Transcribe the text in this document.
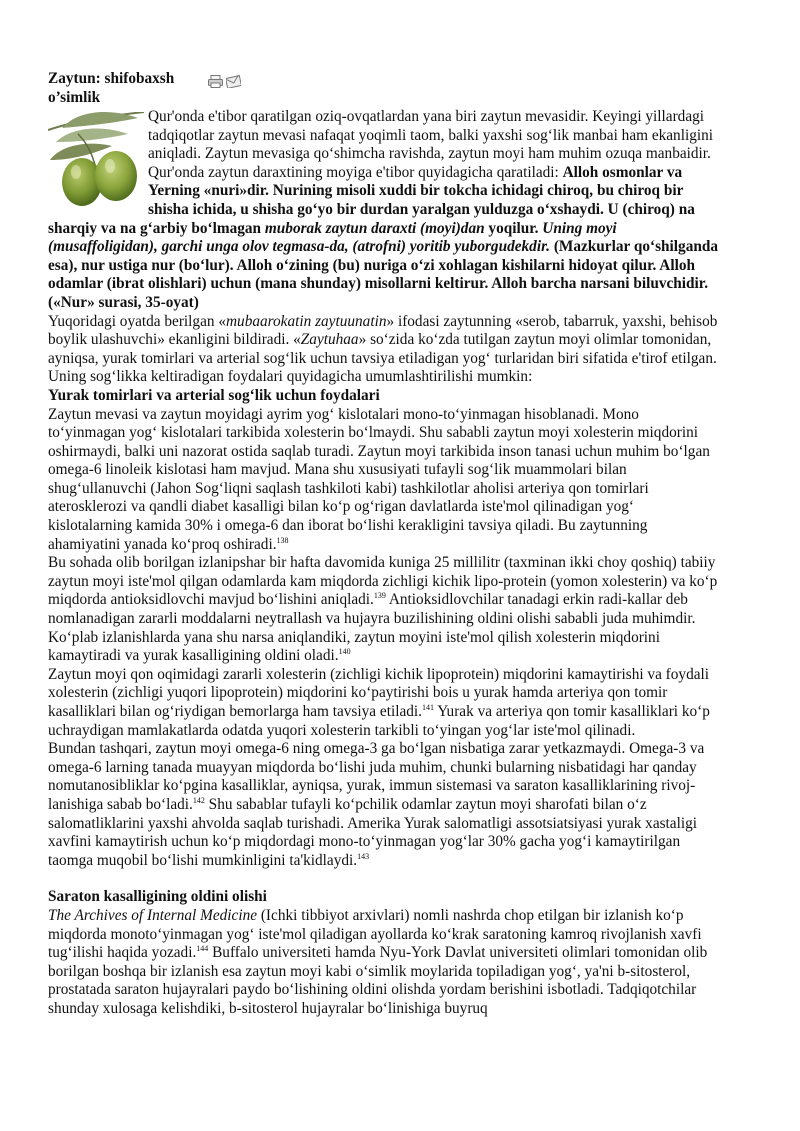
Zaytun: shifobaxsh o’simlik

Qur'onda e'tibor qaratilgan oziq-ovqatlardan yana biri zaytun mevasidir. Keyingi yillardagi tadqiqotlar zaytun mevasi nafaqat yoqimli taom, balki yaxshi sog‘lik manbai ham ekanligini aniqladi. Zaytun mevasiga qo‘shimcha ravishda, zaytun moyi ham muhim ozuqa manbaidir. Qur'onda zaytun daraxtining moyiga e'tibor quyidagicha qaratiladi: Alloh osmonlar va Yerning «nuri»dir. Nurining misoli xuddi bir tokcha ichidagi chiroq, bu chiroq bir shisha ichida, u shisha go‘yo bir durdan yaralgan yulduzga o‘xshaydi. U (chiroq) na sharqiy va na g‘arbiy bo‘lmagan muborak zaytun daraxti (moyi)dan yoqilur. Uning moyi (musaffoligidan), garchi unga olov tegmasa-da, (atrofni) yoritib yuborgudekdir. (Mazkurlar qo‘shilganda esa), nur ustiga nur (bo‘lur). Alloh o‘zining (bu) nuriga o‘zi xohlagan kishilarni hidoyat qilur. Alloh odamlar (ibrat olishlari) uchun (mana shunday) misollarni keltirur. Alloh barcha narsani biluvchidir. («Nur» surasi, 35-oyat)

Yuqoridagi oyatda berilgan «mubaarokatin zaytuunatin» ifodasi zaytunning «serob, tabarruk, yaxshi, behisob boylik ulashuvchi» ekanligini bildiradi. «Zaytuhaa» so‘zida ko‘zda tutilgan zaytun moyi olimlar tomonidan, ayniqsa, yurak tomirlari va arterial sog‘lik uchun tavsiya etiladigan yog‘ turlaridan biri sifatida e'tirof etilgan. Uning sog‘likka keltiradigan foydalari quyidagicha umumlashtirilishi mumkin:

Yurak tomirlari va arterial sog‘lik uchun foydalari

Zaytun mevasi va zaytun moyidagi ayrim yog‘ kislotalari mono-to‘yinmagan hisoblanadi. Mono to‘yinmagan yog‘ kislotalari tarkibida xolesterin bo‘lmaydi. Shu sababli zaytun moyi xolesterin miqdorini oshirmaydi, balki uni nazorat ostida saqlab turadi. Zaytun moyi tarkibida inson tanasi uchun muhim bo‘lgan omega-6 linoleik kislotasi ham mavjud. Mana shu xususiyati tufayli sog‘lik muammolari bilan shug‘ullanuvchi (Jahon Sog‘liqni saqlash tashkiloti kabi) tashkilotlar aholisi arteriya qon tomirlari aterosklerozi va qandli diabet kasalligi bilan ko‘p og‘rigan davlatlarda iste'mol qilinadigan yog‘ kislotalarning kamida 30% i omega-6 dan iborat bo‘lishi kerakligini tavsiya qiladi. Bu zaytunning ahamiyatini yanada ko‘proq oshiradi.$^{138}$

Bu sohada olib borilgan izlanipshar bir hafta davomida kuniga 25 millilitr (taxminan ikki choy qoshiq) tabiiy zaytun moyi iste'mol qilgan odamlarda kam miqdorda zichligi kichik lipo-protein (yomon xolesterin) va ko‘p miqdorda antioksidlovchi mavjud bo‘lishini aniqladi.$^{139}$ Antioksidlovchilar tanadagi erkin radi-kallar deb nomlanadigan zararli moddalarni neytrallash va hujayra buzilishining oldini olishi sababli juda muhimdir. Ko‘plab izlanishlarda yana shu narsa aniqlandiki, zaytun moyini iste'mol qilish xolesterin miqdorini kamaytiradi va yurak kasalligining oldini oladi.$^{140}$

Zaytun moyi qon oqimidagi zararli xolesterin (zichligi kichik lipoprotein) miqdorini kamaytirishi va foydali xolesterin (zichligi yuqori lipoprotein) miqdorini ko‘paytirishi bois u yurak hamda arteriya qon tomir kasalliklari bilan og‘riydigan bemorlarga ham tavsiya etiladi.$^{141}$ Yurak va arteriya qon tomir kasalliklari ko‘p uchraydigan mamlakatlarda odatda yuqori xolesterin tarkibli to‘yingan yog‘lar iste'mol qilinadi.

Bundan tashqari, zaytun moyi omega-6 ning omega-3 ga bo‘lgan nisbatiga zarar yetkazmaydi. Omega-3 va omega-6 larning tanada muayyan miqdorda bo‘lishi juda muhim, chunki bularning nisbatidagi har qanday nomutanosibliklar ko‘pgina kasalliklar, ayniqsa, yurak, immun sistemasi va saraton kasalliklarining rivoj-lanishiga sabab bo‘ladi.$^{142}$ Shu sabablar tufayli ko‘pchilik odamlar zaytun moyi sharofati bilan o‘z salomatliklarini yaxshi ahvolda saqlab turishadi. Amerika Yurak salomatligi assotsiatsiyasi yurak xastaligi xavfini kamaytirish uchun ko‘p miqdordagi mono-to‘yinmagan yog‘lar 30% gacha yog‘i kamaytirilgan taomga muqobil bo‘lishi mumkinligini ta'kidlaydi.$^{143}$

Saraton kasalligining oldini olishi

The Archives of Internal Medicine (Ichki tibbiyot arxivlari) nomli nashrda chop etilgan bir izlanish ko‘p miqdorda monoto‘yinmagan yog‘ iste'mol qiladigan ayollarda ko‘krak saratoning kamroq rivojlanish xavfi tug‘ilishi haqida yozadi.$^{144}$ Buffalo universiteti hamda Nyu-York Davlat universiteti olimlari tomonidan olib borilgan boshqa bir izlanish esa zaytun moyi kabi o‘simlik moylarida topiladigan yog‘, ya'ni b-sitosterol, prostatada saraton hujayralari paydo bo‘lishining oldini olishda yordam berishini isbotladi. Tadqiqotchilar shunday xulosaga kelishdiki, b-sitosterol hujayralar bo‘linishiga buyruq
